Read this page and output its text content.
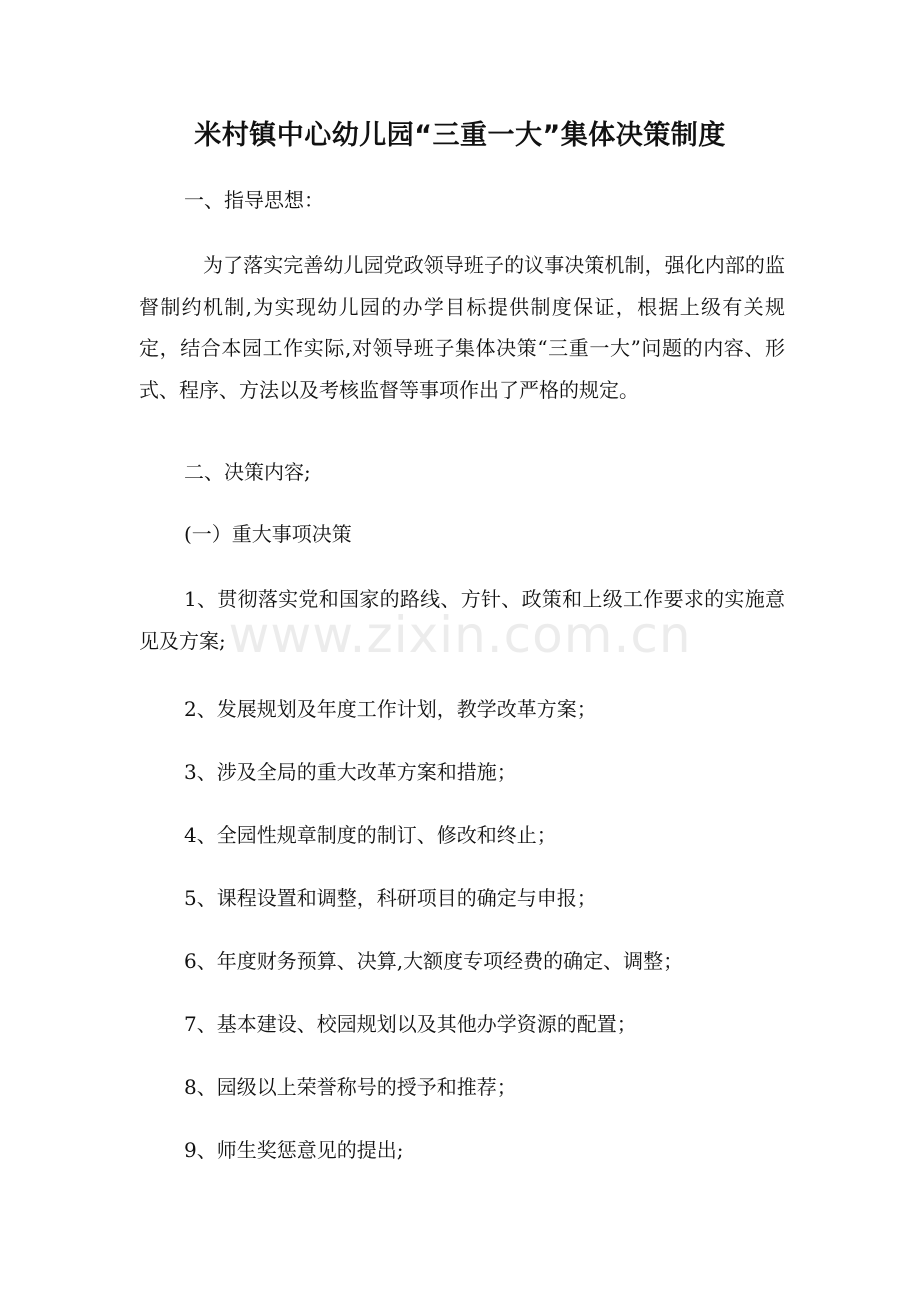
米村镇中心幼儿园“三重一大”集体决策制度
一、指导思想：
为了落实完善幼儿园党政领导班子的议事决策机制，强化内部的监督制约机制,为实现幼儿园的办学目标提供制度保证，根据上级有关规定，结合本园工作实际,对领导班子集体决策“三重一大”问题的内容、形式、程序、方法以及考核监督等事项作出了严格的规定。
二、决策内容;
(一）重大事项决策
1、贯彻落实党和国家的路线、方针、政策和上级工作要求的实施意见及方案;
2、发展规划及年度工作计划，教学改革方案；
3、涉及全局的重大改革方案和措施；
4、全园性规章制度的制订、修改和终止；
5、课程设置和调整，科研项目的确定与申报；
6、年度财务预算、决算,大额度专项经费的确定、调整；
7、基本建设、校园规划以及其他办学资源的配置；
8、园级以上荣誉称号的授予和推荐；
9、师生奖惩意见的提出;
www.zixin.com.cn
